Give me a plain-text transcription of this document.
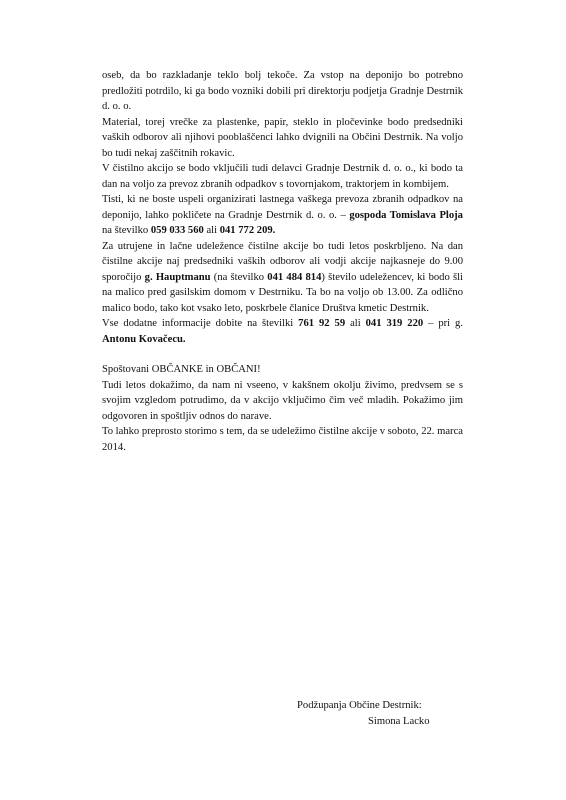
oseb, da bo razkladanje teklo bolj tekoče. Za vstop na deponijo bo potrebno predložiti potrdilo, ki ga bodo vozniki dobili pri direktorju podjetja Gradnje Destrnik d. o. o.

Material, torej vrečke za plastenke, papir, steklo in pločevinke bodo predsedniki vaških odborov ali njihovi pooblaščenci lahko dvignili na Občini Destrnik. Na voljo bo tudi nekaj zaščitnih rokavic.

V čistilno akcijo se bodo vključili tudi delavci Gradnje Destrnik d. o. o., ki bodo ta dan na voljo za prevoz zbranih odpadkov s tovornjakom, traktorjem in kombijem.

Tisti, ki ne boste uspeli organizirati lastnega vaškega prevoza zbranih odpadkov na deponijo, lahko pokličete na Gradnje Destrnik d. o. o. – gospoda Tomislava Ploja na številko 059 033 560 ali 041 772 209.

Za utrujene in lačne udeležence čistilne akcije bo tudi letos poskrbljeno. Na dan čistilne akcije naj predsedniki vaških odborov ali vodji akcije najkasneje do 9.00 sporočijo g. Hauptmanu (na številko 041 484 814) število udeležencev, ki bodo šli na malico pred gasilskim domom v Destrniku. Ta bo na voljo ob 13.00. Za odlično malico bodo, tako kot vsako leto, poskrbele članice Društva kmetic Destrnik.

Vse dodatne informacije dobite na številki 761 92 59 ali 041 319 220 – pri g. Antonu Kovačecu.

Spoštovani OBČANKE in OBČANI!

Tudi letos dokažimo, da nam ni vseeno, v kakšnem okolju živimo, predvsem se s svojim vzgledom potrudimo, da v akcijo vključimo čim več mladih. Pokažimo jim odgovoren in spoštljiv odnos do narave.

To lahko preprosto storimo s tem, da se udeležimo čistilne akcije v soboto, 22. marca 2014.

Podžupanja Občine Destrnik:

Simona Lacko
